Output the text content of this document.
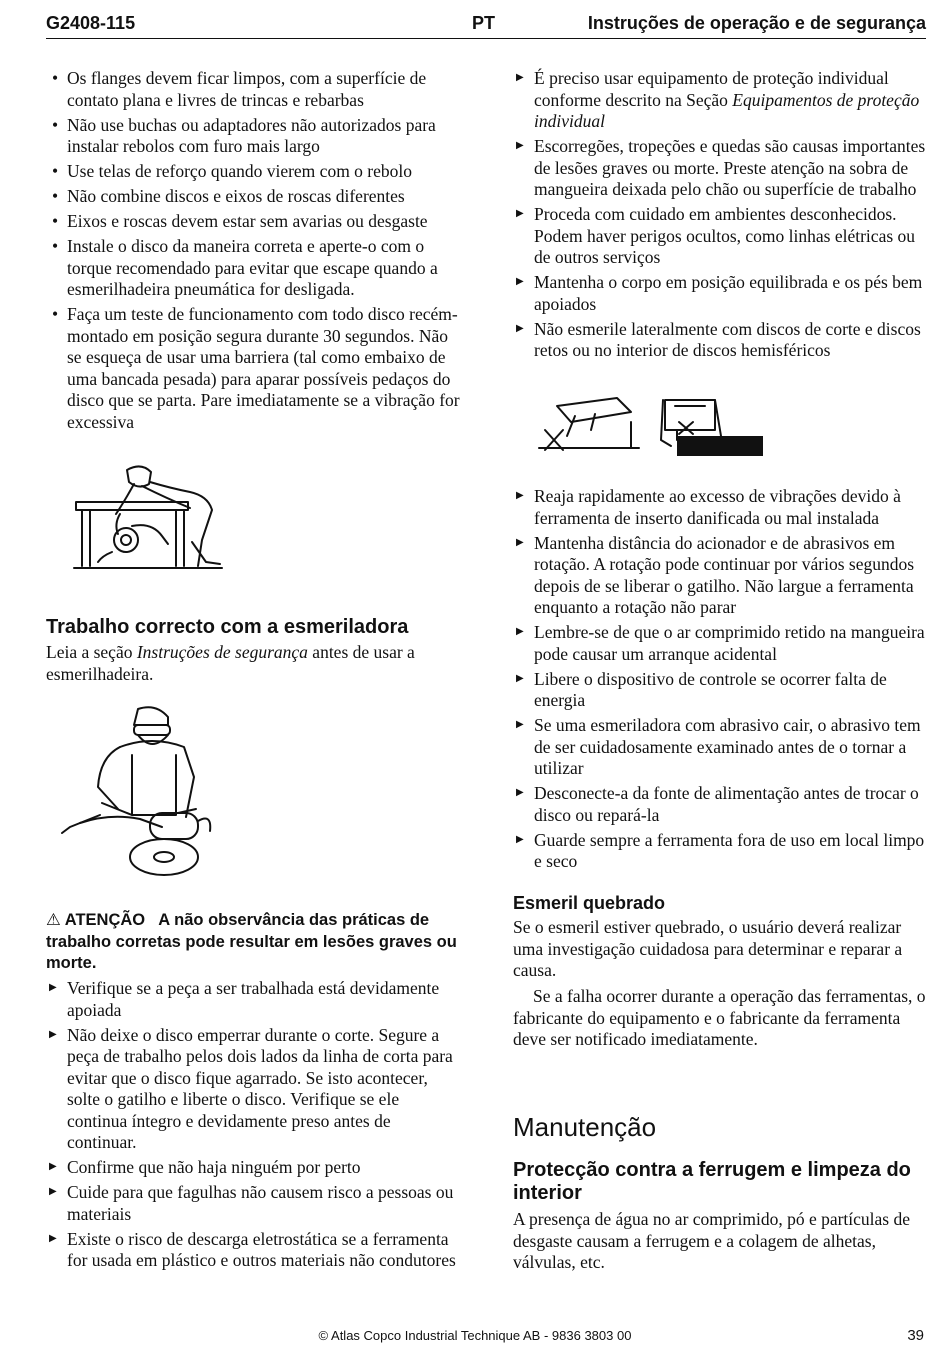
G2408-115	PT	Instruções de operação e de segurança
• Os flanges devem ficar limpos, com a superfície de contato plana e livres de trincas e rebarbas
• Não use buchas ou adaptadores não autorizados para instalar rebolos com furo mais largo
• Use telas de reforço quando vierem com o rebolo
• Não combine discos e eixos de roscas diferentes
• Eixos e roscas devem estar sem avarias ou desgaste
• Instale o disco da maneira correta e aperte-o com o torque recomendado para evitar que escape quando a esmerilhadeira pneumática for desligada.
• Faça um teste de funcionamento com todo disco recém-montado em posição segura durante 30 segundos. Não se esqueça de usar uma barriera (tal como embaixo de uma bancada pesada) para aparar possíveis pedaços do disco que se parta. Pare imediatamente se a vibração for excessiva
Trabalho correcto com a esmeriladora
Leia a seção Instruções de segurança antes de usar a esmerilhadeira.
⚠ ATENÇÃO A não observância das práticas de trabalho corretas pode resultar em lesões graves ou morte.
▶ Verifique se a peça a ser trabalhada está devidamente apoiada
▶ Não deixe o disco emperrar durante o corte. Segure a peça de trabalho pelos dois lados da linha de corta para evitar que o disco fique agarrado. Se isto acontecer, solte o gatilho e liberte o disco. Verifique se ele continua íntegro e devidamente preso antes de continuar.
▶ Confirme que não haja ninguém por perto
▶ Cuide para que fagulhas não causem risco a pessoas ou materiais
▶ Existe o risco de descarga eletrostática se a ferramenta for usada em plástico e outros materiais não condutores
▶ É preciso usar equipamento de proteção individual conforme descrito na Seção Equipamentos de proteção individual
▶ Escorregões, tropeções e quedas são causas importantes de lesões graves ou morte. Preste atenção na sobra de mangueira deixada pelo chão ou superfície de trabalho
▶ Proceda com cuidado em ambientes desconhecidos. Podem haver perigos ocultos, como linhas elétricas ou de outros serviços
▶ Mantenha o corpo em posição equilibrada e os pés bem apoiados
▶ Não esmerile lateralmente com discos de corte e discos retos ou no interior de discos hemisféricos
▶ Reaja rapidamente ao excesso de vibrações devido à ferramenta de inserto danificada ou mal instalada
▶ Mantenha distância do acionador e de abrasivos em rotação. A rotação pode continuar por vários segundos depois de se liberar o gatilho. Não largue a ferramenta enquanto a rotação não parar
▶ Lembre-se de que o ar comprimido retido na mangueira pode causar um arranque acidental
▶ Libere o dispositivo de controle se ocorrer falta de energia
▶ Se uma esmeriladora com abrasivo cair, o abrasivo tem de ser cuidadosamente examinado antes de o tornar a utilizar
▶ Desconecte-a da fonte de alimentação antes de trocar o disco ou repará-la
▶ Guarde sempre a ferramenta fora de uso em local limpo e seco
Esmeril quebrado
Se o esmeril estiver quebrado, o usuário deverá realizar uma investigação cuidadosa para determinar e reparar a causa.
Se a falha ocorrer durante a operação das ferramentas, o fabricante do equipamento e o fabricante da ferramenta deve ser notificado imediatamente.
Manutenção
Protecção contra a ferrugem e limpeza do interior
A presença de água no ar comprimido, pó e partículas de desgaste causam a ferrugem e a colagem de alhetas, válvulas, etc.
© Atlas Copco Industrial Technique AB - 9836 3803 00	39
